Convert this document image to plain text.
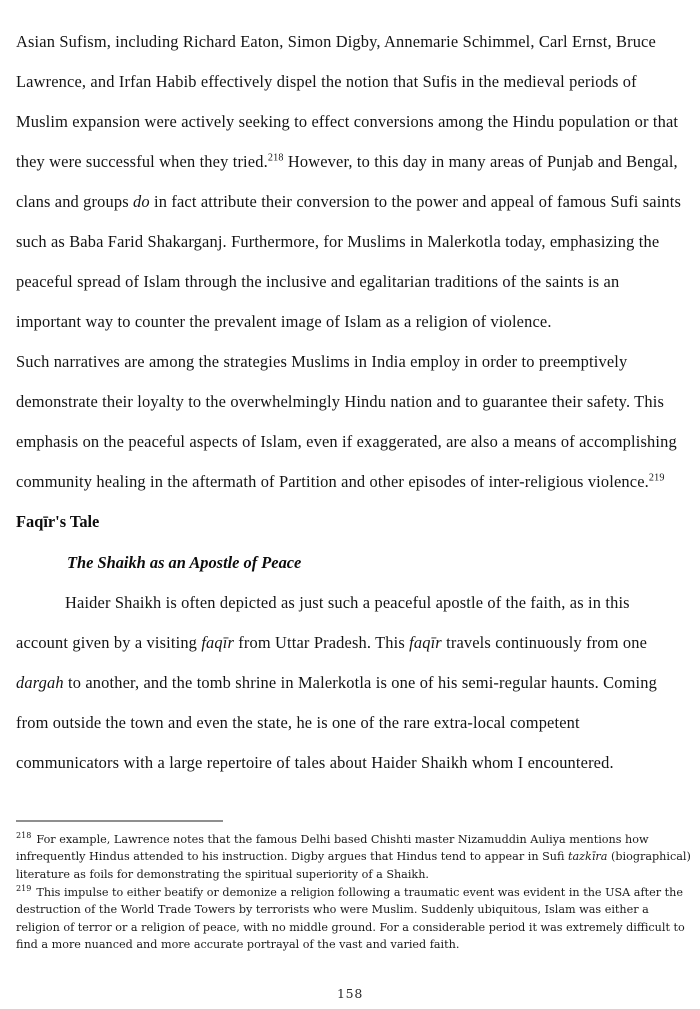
Asian Sufism, including Richard Eaton, Simon Digby, Annemarie Schimmel, Carl Ernst, Bruce Lawrence, and Irfan Habib effectively dispel the notion that Sufis in the medieval periods of Muslim expansion were actively seeking to effect conversions among the Hindu population or that they were successful when they tried.$^{218}$ However, to this day in many areas of Punjab and Bengal, clans and groups do in fact attribute their conversion to the power and appeal of famous Sufi saints such as Baba Farid Shakarganj. Furthermore, for Muslims in Malerkotla today, emphasizing the peaceful spread of Islam through the inclusive and egalitarian traditions of the saints is an important way to counter the prevalent image of Islam as a religion of violence.

Such narratives are among the strategies Muslims in India employ in order to preemptively demonstrate their loyalty to the overwhelmingly Hindu nation and to guarantee their safety. This emphasis on the peaceful aspects of Islam, even if exaggerated, are also a means of accomplishing community healing in the aftermath of Partition and other episodes of inter-religious violence.$^{219}$

Faqīr's Tale
The Shaikh as an Apostle of Peace

Haider Shaikh is often depicted as just such a peaceful apostle of the faith, as in this account given by a visiting faqīr from Uttar Pradesh. This faqīr travels continuously from one dargah to another, and the tomb shrine in Malerkotla is one of his semi-regular haunts. Coming from outside the town and even the state, he is one of the rare extra-local competent communicators with a large repertoire of tales about Haider Shaikh whom I encountered.

$^{218}$ For example, Lawrence notes that the famous Delhi based Chishti master Nizamuddin Auliya mentions how infrequently Hindus attended to his instruction. Digby argues that Hindus tend to appear in Sufi tazkīra (biographical) literature as foils for demonstrating the spiritual superiority of a Shaikh.

$^{219}$ This impulse to either beatify or demonize a religion following a traumatic event was evident in the USA after the destruction of the World Trade Towers by terrorists who were Muslim. Suddenly ubiquitous, Islam was either a religion of terror or a religion of peace, with no middle ground. For a considerable period it was extremely difficult to find a more nuanced and more accurate portrayal of the vast and varied faith.

158
